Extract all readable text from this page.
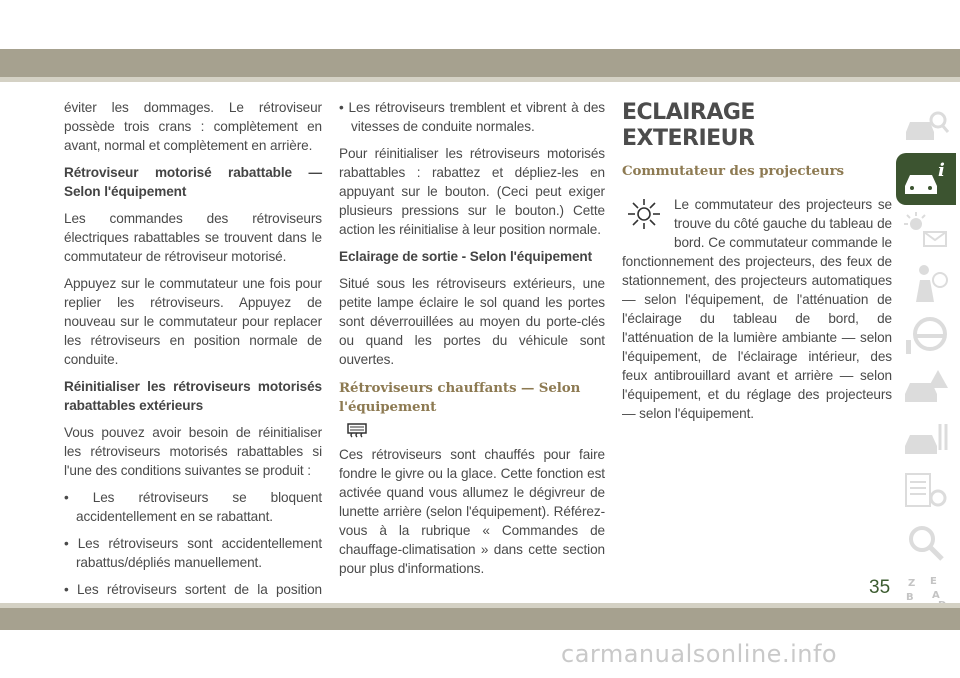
éviter les dommages. Le rétroviseur possède trois crans : complètement en avant, normal et complètement en arrière.

Rétroviseur motorisé rabattable — Selon l'équipement

Les commandes des rétroviseurs électriques rabattables se trouvent dans le commutateur de rétroviseur motorisé.

Appuyez sur le commutateur une fois pour replier les rétroviseurs. Appuyez de nouveau sur le commutateur pour replacer les rétroviseurs en position normale de conduite.

Réinitialiser les rétroviseurs motorisés rabattables extérieurs

Vous pouvez avoir besoin de réinitialiser les rétroviseurs motorisés rabattables si l'une des conditions suivantes se produit :

• Les rétroviseurs se bloquent accidentellement en se rabattant.

• Les rétroviseurs sont accidentellement rabattus/dépliés manuellement.

• Les rétroviseurs sortent de la position

• Les rétroviseurs tremblent et vibrent à des vitesses de conduite normales.

Pour réinitialiser les rétroviseurs motorisés rabattables : rabattez et dépliez-les en appuyant sur le bouton. (Ceci peut exiger plusieurs pressions sur le bouton.) Cette action les réinitialise à leur position normale.

Eclairage de sortie - Selon l'équipement

Situé sous les rétroviseurs extérieurs, une petite lampe éclaire le sol quand les portes sont déverrouillées au moyen du porte-clés ou quand les portes du véhicule sont ouvertes.

Rétroviseurs chauffants — Selon l'équipement

Ces rétroviseurs sont chauffés pour faire fondre le givre ou la glace. Cette fonction est activée quand vous allumez le dégivreur de lunette arrière (selon l'équipement). Référez-vous à la rubrique « Commandes de chauffage-climatisation » dans cette section pour plus d'informations.

ECLAIRAGE EXTERIEUR
Commutateur des projecteurs

Le commutateur des projecteurs se trouve du côté gauche du tableau de bord. Ce commutateur commande le fonctionnement des projecteurs, des feux de stationnement, des projecteurs automatiques — selon l'équipement, de l'atténuation de l'éclairage du tableau de bord, de l'atténuation de la lumière ambiante — selon l'équipement, de l'éclairage intérieur, des feux antibrouillard avant et arrière — selon l'équipement, et du réglage des projecteurs — selon l'équipement.

i
Z E
B A
35
carmanualsonline.info
